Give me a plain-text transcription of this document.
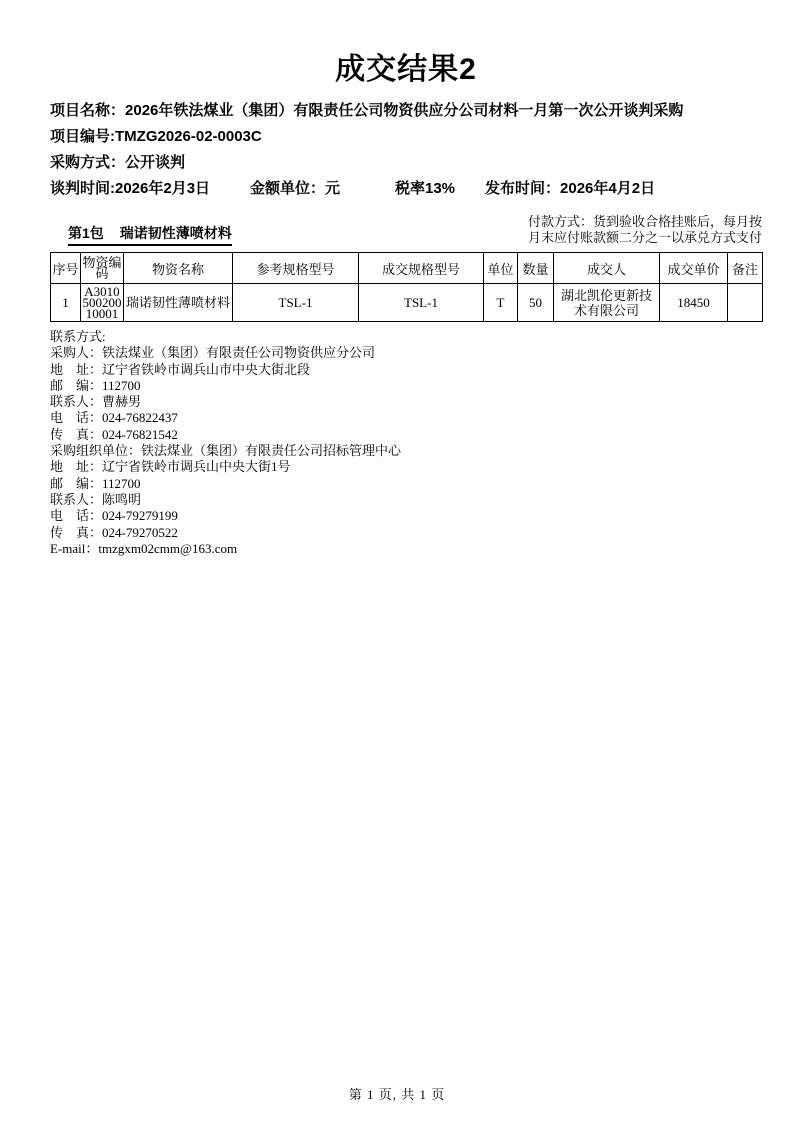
成交结果2
项目名称：2026年铁法煤业（集团）有限责任公司物资供应分公司材料一月第一次公开谈判采购
项目编号:TMZG2026-02-0003C
采购方式：公开谈判
谈判时间:2026年2月3日	金额单位：元	税率13% 发布时间：2026年4月2日
第1包 瑞诺韧性薄喷材料
付款方式：货到验收合格挂账后，每月按
月末应付账款额二分之一以承兑方式支付
序号	物资编码	物资名称	参考规格型号	成交规格型号	单位	数量	成交人	成交单价	备注
1	A301050020010001	瑞诺韧性薄喷材料	TSL-1	TSL-1	T	50	湖北凯伦更新技术有限公司	18450	
联系方式:
采购人：铁法煤业（集团）有限责任公司物资供应分公司
地　址：辽宁省铁岭市调兵山市中央大街北段
邮　编：112700
联系人：曹赫男
电　话：024-76822437
传　真：024-76821542
采购组织单位：铁法煤业（集团）有限责任公司招标管理中心
地　址：辽宁省铁岭市调兵山中央大街1号
邮　编：112700
联系人：陈鸣明
电　话：024-79279199
传　真：024-79270522
E-mail：tmzgxm02cmm@163.com
第 1 页, 共 1 页
